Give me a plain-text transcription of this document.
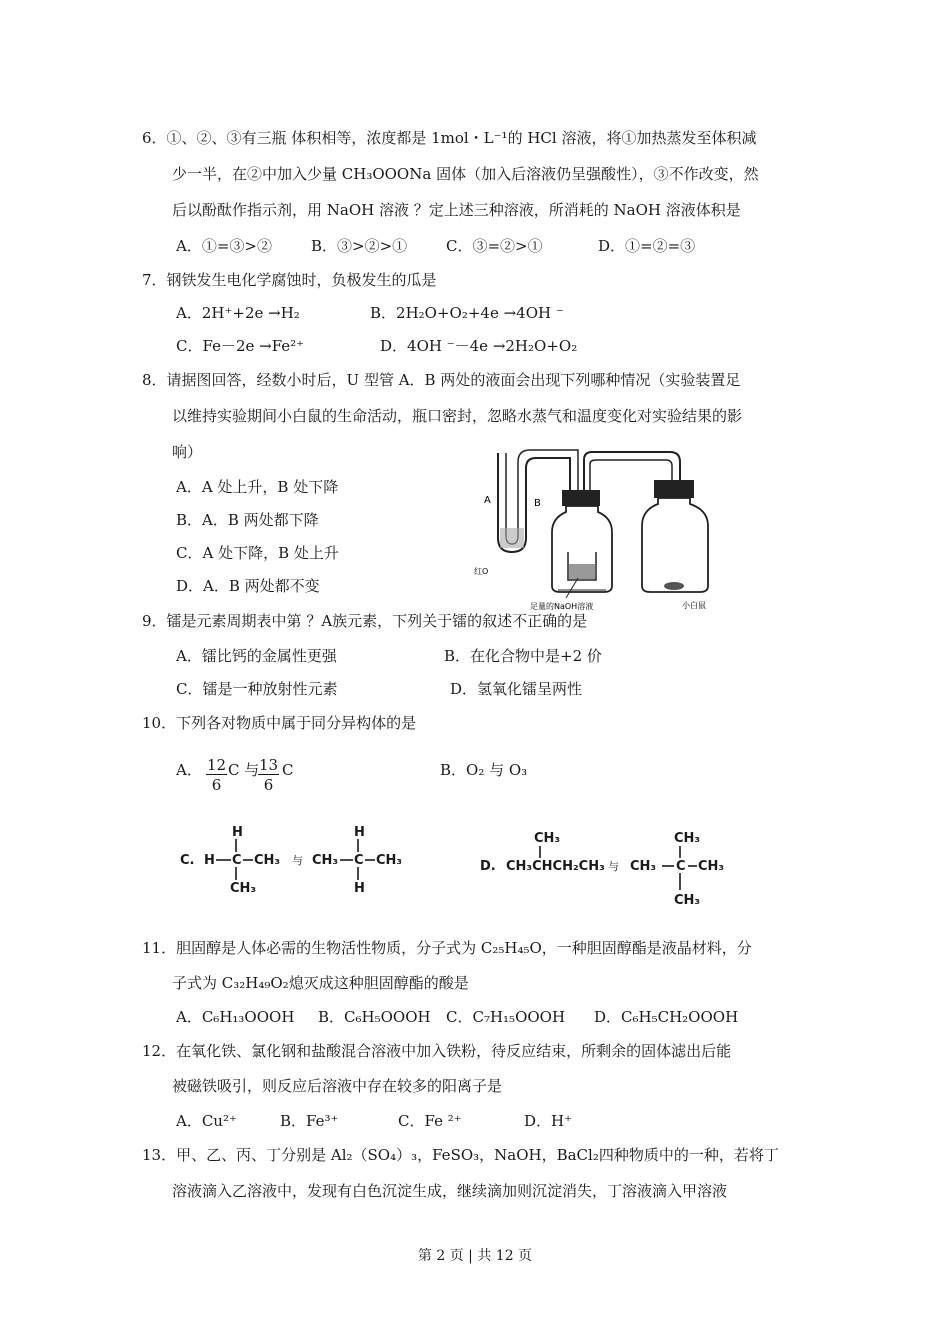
6．①、②、③有三瓶 体积相等，浓度都是 1mol・L⁻¹的 HCl 溶液，将①加热蒸发至体积减
少一半，在②中加入少量 CH₃OOONa 固体（加入后溶液仍呈强酸性），③不作改变，然
后以酚酞作指示剂，用 NaOH 溶液 ？定上述三种溶液，所消耗的 NaOH 溶液体积是
A．①=③>②	B．③>②>①	C．③=②>①	D．①=②=③
7．钢铁发生电化学腐蚀时，负极发生的瓜是
A．2H⁺+2e →H₂	B．2H₂O+O₂+4e →4OH ⁻
C．Fe－2e →Fe²⁺	D．4OH ⁻－4e →2H₂O+O₂
8．请据图回答，经数小时后，U 型管 A．B 两处的液面会出现下列哪种情况（实验装置足
以维持实验期间小白鼠的生命活动，瓶口密封，忽略水蒸气和温度变化对实验结果的影
响）
A．A 处上升，B 处下降
B．A．B 两处都下降
C．A 处下降，B 处上升
D．A．B 两处都不变
A	B
红O
足量的NaOH溶液	小白鼠
9．镭是元素周期表中第 ？A族元素，下列关于镭的叙述不正确的是
A．镭比钙的金属性更强	B．在化合物中是+2 价
C．镭是一种放射性元素	D．氢氧化镭呈两性
10．下列各对物质中属于同分异构体的是
A． $\frac{12}{6}$ C 与
$\frac{13}{6}$ C	B．O₂ 与 O₃
C.
H
H C CH₃
CH₃
与 CH₃
H
C CH₃
H
D.
CH₃
CH₃CHCH₂CH₃ 与
CH₃
CH₃ C CH₃
CH₃
11．胆固醇是人体必需的生物活性物质，分子式为 C₂₅H₄₅O，一种胆固醇酯是液晶材料，分
子式为 C₃₂H₄₉O₂熄灭成这种胆固醇酯的酸是
A．C₆H₁₃OOOH B．C₆H₅OOOH C．C₇H₁₅OOOH D．C₆H₅CH₂OOOH
12．在氧化铁、氯化钢和盐酸混合溶液中加入铁粉，待反应结束，所剩余的固体滤出后能
被磁铁吸引，则反应后溶液中存在较多的阳离子是
A．Cu²⁺	B．Fe³⁺	C．Fe ²⁺	D．H⁺
13．甲、乙、丙、丁分别是 Al₂（SO₄）₃，FeSO₃，NaOH，BaCl₂四种物质中的一种，若将丁
溶液滴入乙溶液中，发现有白色沉淀生成，继续滴加则沉淀消失，丁溶液滴入甲溶液
第 2 页 | 共 12 页
